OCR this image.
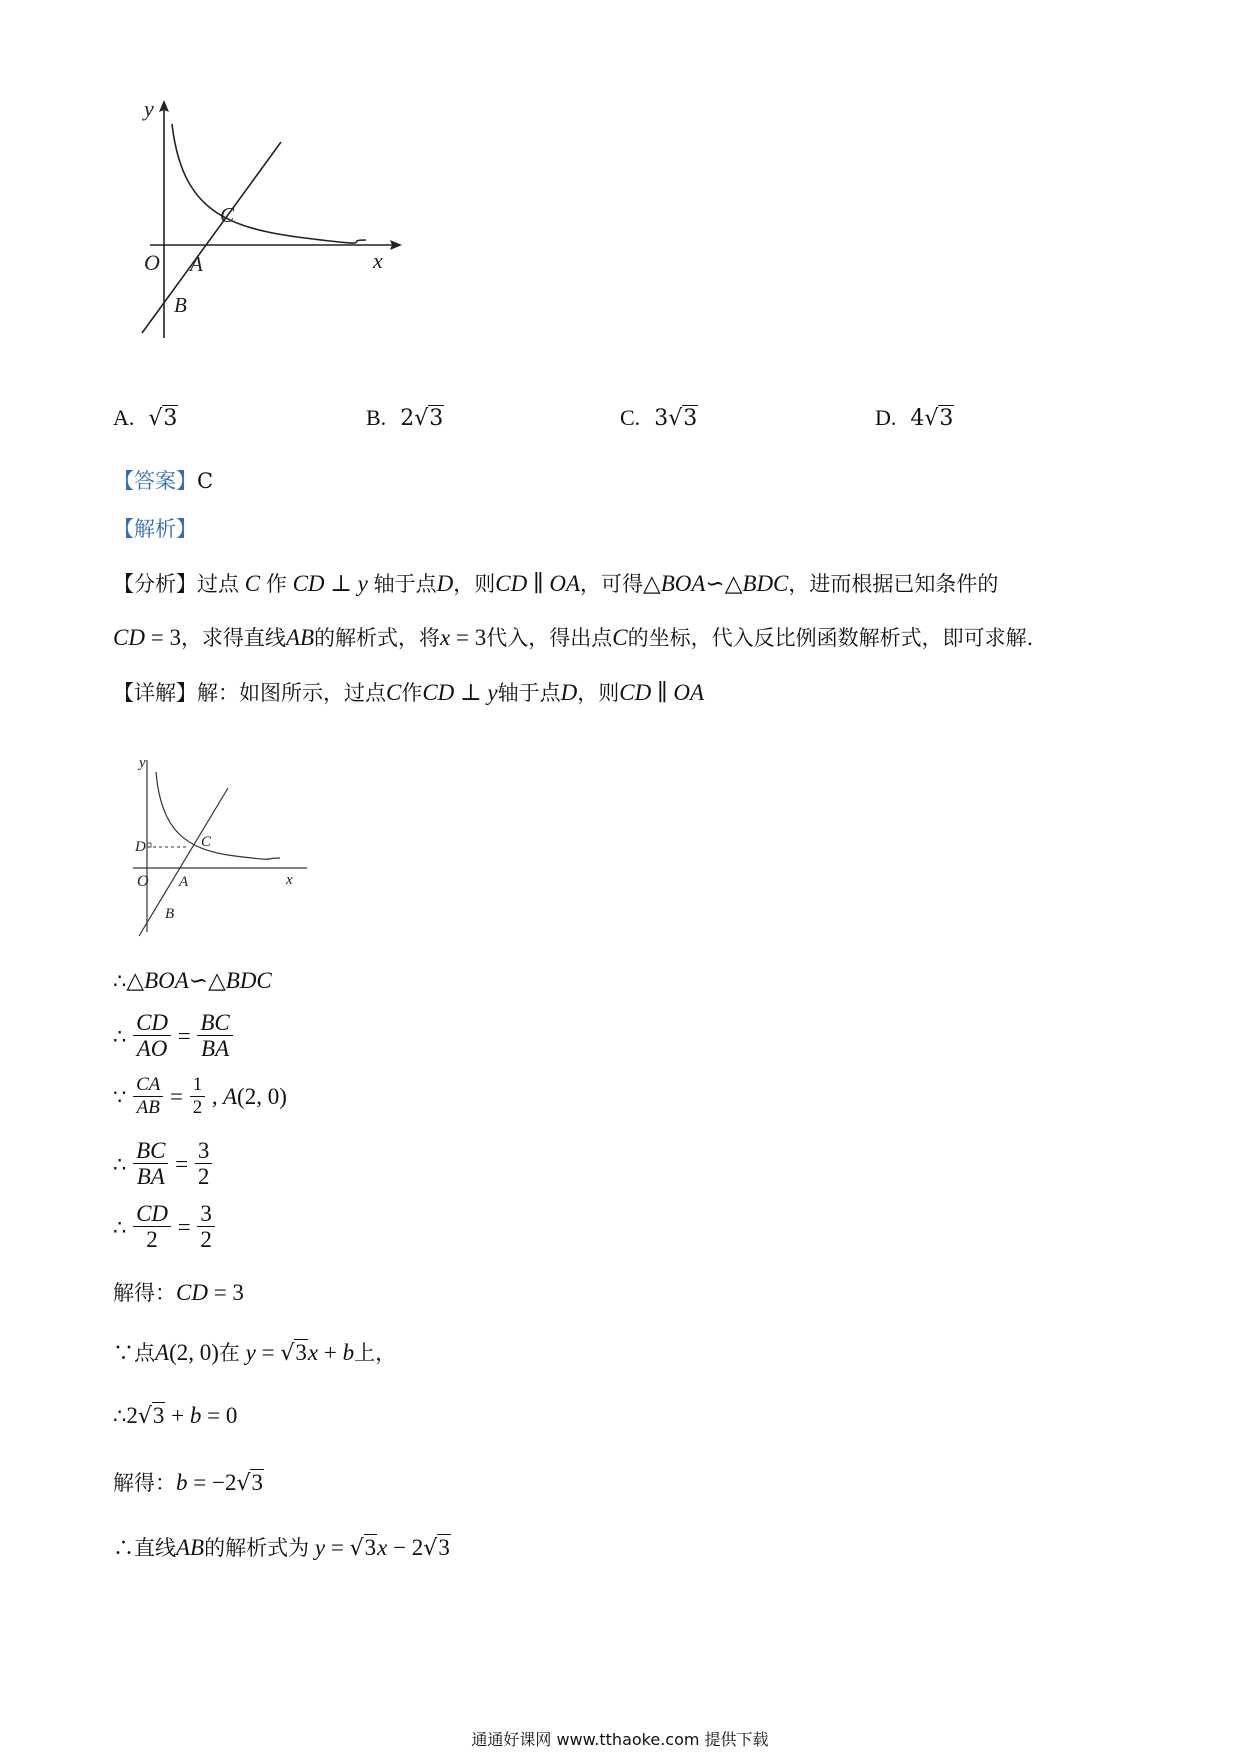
y
x
O A
B
C
A. √3	B. 2√3	C. 3√3	D. 4√3
【答案】C
【解析】
【分析】过点 C 作 CD ⊥ y 轴于点D，则CD ∥ OA，可得△BOA∽△BDC，进而根据已知条件的
CD = 3，求得直线AB的解析式，将x = 3代入，得出点C的坐标，代入反比例函数解析式，即可求解.
【详解】解：如图所示，过点C作CD ⊥ y轴于点D，则CD ∥ OA
y
x
O A
B
C
D
∴△BOA∽△BDC
∴ $\frac{CD}{AO} = \frac{BC}{BA}$
∵ $\frac{CA}{AB} = \frac{1}{2}$ , A(2, 0)
∴ $\frac{BC}{BA} = \frac{3}{2}$
∴ $\frac{CD}{2} = \frac{3}{2}$
解得：CD = 3
∵点A(2, 0)在 y = √3x + b上，
∴2√3 + b = 0
解得：b = −2√3
∴直线AB的解析式为 y = √3x − 2√3
通通好课网 www.tthaoke.com 提供下载
